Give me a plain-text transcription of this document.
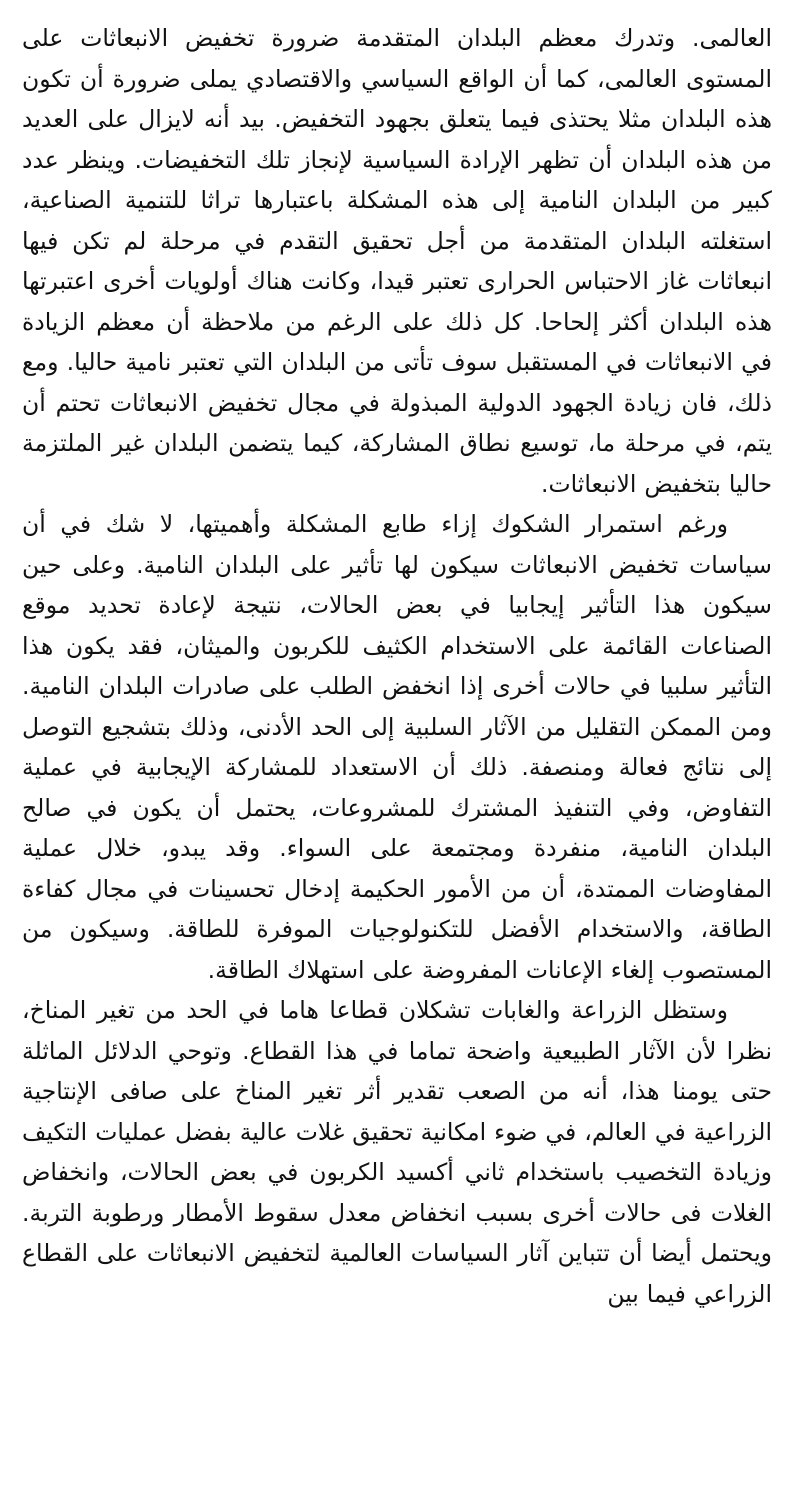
العالمى. وتدرك معظم البلدان المتقدمة ضرورة تخفيض الانبعاثات على المستوى العالمى، كما أن الواقع السياسي والاقتصادي يملى ضرورة أن تكون هذه البلدان مثلا يحتذى فيما يتعلق بجهود التخفيض. بيد أنه لايزال على العديد من هذه البلدان أن تظهر الإرادة السياسية لإنجاز تلك التخفيضات. وينظر عدد كبير من البلدان النامية إلى هذه المشكلة باعتبارها تراثا للتنمية الصناعية، استغلته البلدان المتقدمة من أجل تحقيق التقدم في مرحلة لم تكن فيها انبعاثات غاز الاحتباس الحرارى تعتبر قيدا، وكانت هناك أولويات أخرى اعتبرتها هذه البلدان أكثر إلحاحا. كل ذلك على الرغم من ملاحظة أن معظم الزيادة في الانبعاثات في المستقبل سوف تأتى من البلدان التي تعتبر نامية حاليا. ومع ذلك، فان زيادة الجهود الدولية المبذولة في مجال تخفيض الانبعاثات تحتم أن يتم، في مرحلة ما، توسيع نطاق المشاركة، كيما يتضمن البلدان غير الملتزمة حاليا بتخفيض الانبعاثات.

ورغم استمرار الشكوك إزاء طابع المشكلة وأهميتها، لا شك في أن سياسات تخفيض الانبعاثات سيكون لها تأثير على البلدان النامية. وعلى حين سيكون هذا التأثير إيجابيا في بعض الحالات، نتيجة لإعادة تحديد موقع الصناعات القائمة على الاستخدام الكثيف للكربون والميثان، فقد يكون هذا التأثير سلبيا في حالات أخرى إذا انخفض الطلب على صادرات البلدان النامية. ومن الممكن التقليل من الآثار السلبية إلى الحد الأدنى، وذلك بتشجيع التوصل إلى نتائج فعالة ومنصفة. ذلك أن الاستعداد للمشاركة الإيجابية في عملية التفاوض، وفي التنفيذ المشترك للمشروعات، يحتمل أن يكون في صالح البلدان النامية، منفردة ومجتمعة على السواء. وقد يبدو، خلال عملية المفاوضات الممتدة، أن من الأمور الحكيمة إدخال تحسينات في مجال كفاءة الطاقة، والاستخدام الأفضل للتكنولوجيات الموفرة للطاقة. وسيكون من المستصوب إلغاء الإعانات المفروضة على استهلاك الطاقة.

وستظل الزراعة والغابات تشكلان قطاعا هاما في الحد من تغير المناخ، نظرا لأن الآثار الطبيعية واضحة تماما في هذا القطاع. وتوحي الدلائل الماثلة حتى يومنا هذا، أنه من الصعب تقدير أثر تغير المناخ على صافى الإنتاجية الزراعية في العالم، في ضوء امكانية تحقيق غلات عالية بفضل عمليات التكيف وزيادة التخصيب باستخدام ثاني أكسيد الكربون في بعض الحالات، وانخفاض الغلات فى حالات أخرى بسبب انخفاض معدل سقوط الأمطار ورطوبة التربة. ويحتمل أيضا أن تتباين آثار السياسات العالمية لتخفيض الانبعاثات على القطاع الزراعي فيما بين
